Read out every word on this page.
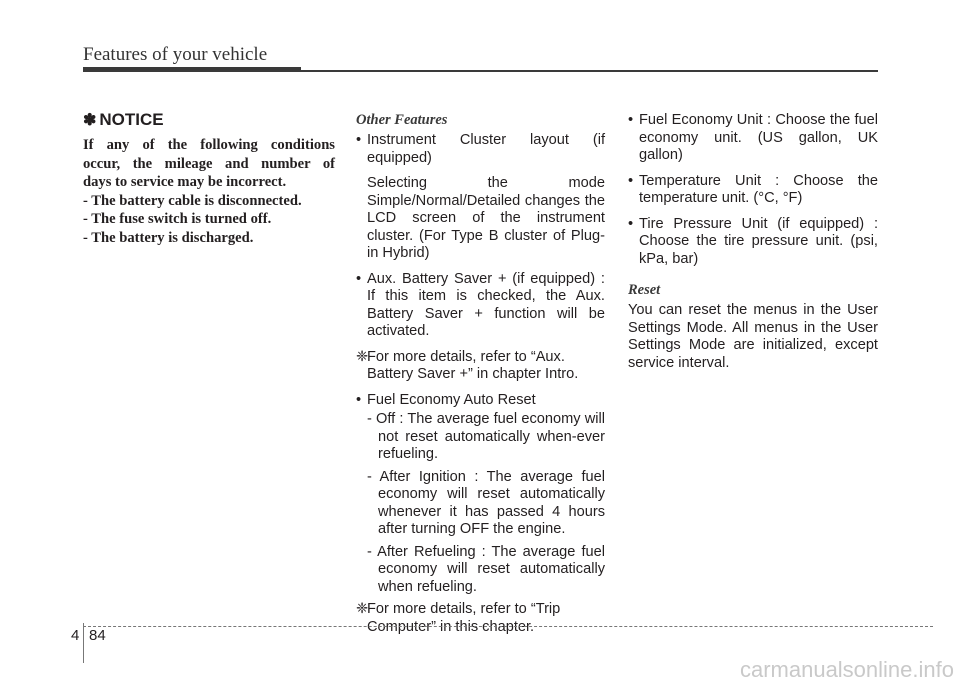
Features of your vehicle
✽ NOTICE
If any of the following conditions
occur, the mileage and number of
days to service may be incorrect.
- The battery cable is disconnected.
- The fuse switch is turned off.
- The battery is discharged.
Other Features
• Instrument Cluster layout (if equipped)
Selecting the mode Simple/Normal/Detailed changes the LCD screen of the instrument cluster. (For Type B cluster of Plug-in Hybrid)
• Aux. Battery Saver + (if equipped) : If this item is checked, the Aux. Battery Saver + function will be activated.
❈
For more details, refer to “Aux. Battery Saver +” in chapter Intro.
• Fuel Economy Auto Reset
- Off : The average fuel economy will not reset automatically when-ever refueling.
- After Ignition : The average fuel economy will reset automatically whenever it has passed 4 hours after turning OFF the engine.
- After Refueling : The average fuel economy will reset automatically when refueling.
❈
For more details, refer to “Trip Computer” in this chapter.
• Fuel Economy Unit : Choose the fuel economy unit. (US gallon, UK gallon)
• Temperature Unit : Choose the temperature unit. (°C, °F)
• Tire Pressure Unit (if equipped) : Choose the tire pressure unit. (psi, kPa, bar)
Reset
You can reset the menus in the User Settings Mode. All menus in the User Settings Mode are initialized, except service interval.
4 84
carmanualsonline.info
